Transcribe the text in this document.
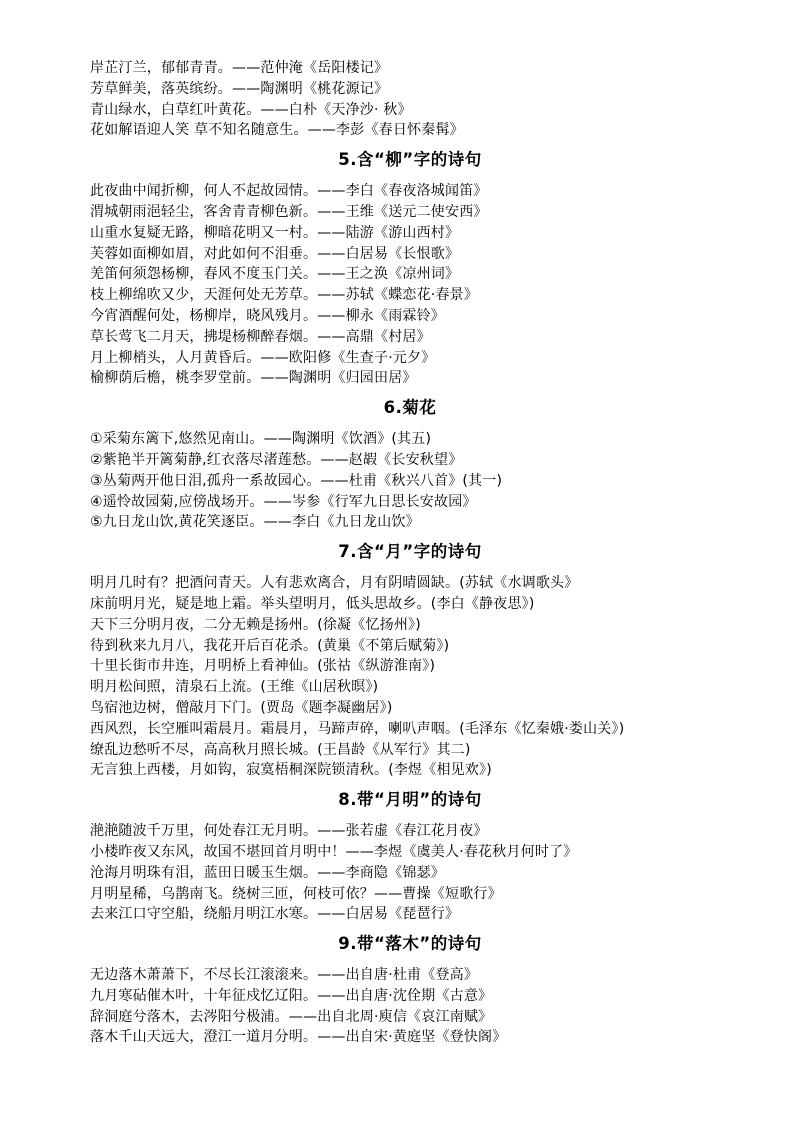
岸芷汀兰，郁郁青青。——范仲淹《岳阳楼记》
芳草鲜美，落英缤纷。——陶渊明《桃花源记》
青山绿水，白草红叶黄花。——白朴《天净沙· 秋》
花如解语迎人笑 草不知名随意生。——李彭《春日怀秦髯》
5.含“柳”字的诗句
此夜曲中闻折柳，何人不起故园情。——李白《春夜洛城闻笛》
渭城朝雨浥轻尘，客舍青青柳色新。——王维《送元二使安西》
山重水复疑无路，柳暗花明又一村。——陆游《游山西村》
芙蓉如面柳如眉，对此如何不泪垂。——白居易《长恨歌》
羌笛何须怨杨柳，春风不度玉门关。——王之涣《凉州词》
枝上柳绵吹又少，天涯何处无芳草。——苏轼《蝶恋花·春景》
今宵酒醒何处，杨柳岸，晓风残月。——柳永《雨霖铃》
草长莺飞二月天，拂堤杨柳醉春烟。——高鼎《村居》
月上柳梢头，人月黄昏后。——欧阳修《生查子·元夕》
榆柳荫后檐，桃李罗堂前。——陶渊明《归园田居》
6.菊花
①采菊东篱下,悠然见南山。——陶渊明《饮酒》(其五)
②紫艳半开篱菊静,红衣落尽渚莲愁。——赵嘏《长安秋望》
③丛菊两开他日泪,孤舟一系故园心。——杜甫《秋兴八首》(其一)
④遥怜故园菊,应傍战场开。——岑参《行军九日思长安故园》
⑤九日龙山饮,黄花笑逐臣。——李白《九日龙山饮》
7.含“月”字的诗句
明月几时有？把酒问青天。人有悲欢离合，月有阴晴圆缺。(苏轼《水调歌头》
床前明月光，疑是地上霜。举头望明月，低头思故乡。(李白《静夜思》)
天下三分明月夜，二分无赖是扬州。(徐凝《忆扬州》)
待到秋来九月八，我花开后百花杀。(黄巢《不第后赋菊》)
十里长街市井连，月明桥上看神仙。(张祜《纵游淮南》)
明月松间照，清泉石上流。(王维《山居秋暝》)
鸟宿池边树，僧敲月下门。(贾岛《题李凝幽居》)
西风烈，长空雁叫霜晨月。霜晨月，马蹄声碎，喇叭声咽。(毛泽东《忆秦娥·娄山关》)
缭乱边愁听不尽，高高秋月照长城。(王昌龄《从军行》其二)
无言独上西楼，月如钩，寂寞梧桐深院锁清秋。(李煜《相见欢》)
8.带“月明”的诗句
滟滟随波千万里，何处春江无月明。——张若虚《春江花月夜》
小楼昨夜又东风，故国不堪回首月明中！——李煜《虞美人·春花秋月何时了》
沧海月明珠有泪，蓝田日暖玉生烟。——李商隐《锦瑟》
月明星稀，乌鹊南飞。绕树三匝，何枝可依？——曹操《短歌行》
去来江口守空船，绕船月明江水寒。——白居易《琵琶行》
9.带“落木”的诗句
无边落木萧萧下，不尽长江滚滚来。——出自唐·杜甫《登高》
九月寒砧催木叶，十年征戍忆辽阳。——出自唐·沈佺期《古意》
辞洞庭兮落木，去涔阳兮极浦。——出自北周·庾信《哀江南赋》
落木千山天远大，澄江一道月分明。——出自宋·黄庭坚《登快阁》
